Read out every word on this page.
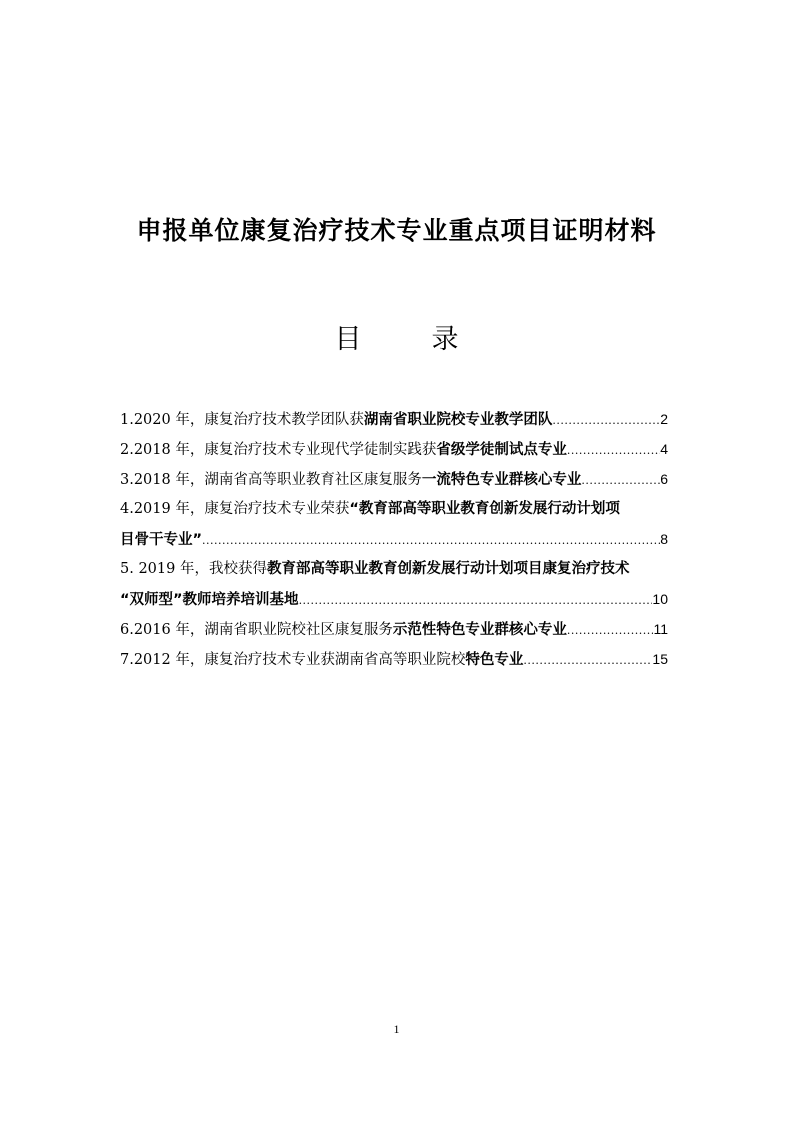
申报单位康复治疗技术专业重点项目证明材料
目	录
1.2020 年，康复治疗技术教学团队获 湖南省职业院校专业教学团队 .....	2
2.2018 年，康复治疗技术专业现代学徒制实践获 省级学徒制试点专业 .....	4
3.2018 年，湖南省高等职业教育社区康复服务 一流特色专业群核心专业 .....	6
4.2019 年，康复治疗技术专业荣获 “教育部高等职业教育创新发展行动计划项
目骨干专业” .....	8
5. 2019 年，我校获得 教育部高等职业教育创新发展行动计划项目康复治疗技术
“双师型”教师培养培训基地 .....	10
6.2016 年，湖南省职业院校社区康复服务 示范性特色专业群核心专业 .....	11
7.2012 年，康复治疗技术专业获湖南省高等职业院校 特色专业 .....	15
1
